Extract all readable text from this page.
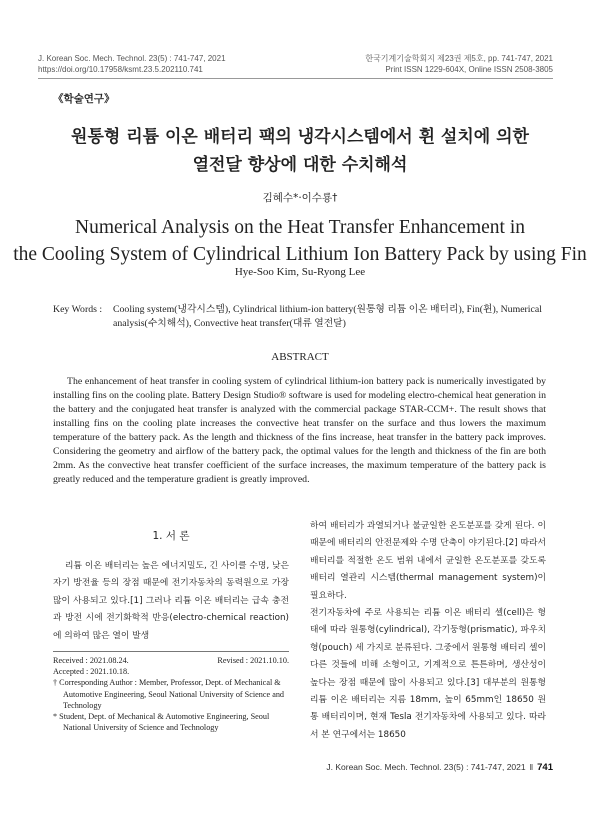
J. Korean Soc. Mech. Technol. 23(5) : 741-747, 2021
https://doi.org/10.17958/ksmt.23.5.202110.741
한국기계기술학회지 제23권 제5호, pp. 741-747, 2021
Print ISSN 1229-604X, Online ISSN 2508-3805
《학술연구》
원통형 리튬 이온 배터리 팩의 냉각시스템에서 휜 설치에 의한
열전달 향상에 대한 수치해석
김혜수*·이수룡†
Numerical Analysis on the Heat Transfer Enhancement in
the Cooling System of Cylindrical Lithium Ion Battery Pack by using Fin
Hye-Soo Kim, Su-Ryong Lee
Key Words : Cooling system(냉각시스템), Cylindrical lithium-ion battery(원통형 리튬 이온 배터리), Fin(휜), Numerical analysis(수치해석), Convective heat transfer(대류 열전달)
ABSTRACT
The enhancement of heat transfer in cooling system of cylindrical lithium-ion battery pack is numerically investigated by installing fins on the cooling plate. Battery Design Studio® software is used for modeling electro-chemical heat generation in the battery and the conjugated heat transfer is analyzed with the commercial package STAR-CCM+. The result shows that installing fins on the cooling plate increases the convective heat transfer on the surface and thus lowers the maximum temperature of the battery pack. As the length and thickness of the fins increase, heat transfer in the battery pack improves. Considering the geometry and airflow of the battery pack, the optimal values for the length and thickness of the fin are both 2mm. As the convective heat transfer coefficient of the surface increases, the maximum temperature of the battery pack is greatly reduced and the temperature gradient is greatly improved.
1. 서 론

리튬 이온 배터리는 높은 에너지밀도, 긴 사이클 수명, 낮은 자기 방전율 등의 장점 때문에 전기자동차의 동력원으로 가장 많이 사용되고 있다.[1] 그러나 리튬 이온 배터리는 급속 충전과 방전 시에 전기화학적 반응(electro-chemical reaction)에 의하여 많은 열이 발생

하여 배터리가 과열되거나 불균일한 온도분포를 갖게 된다. 이 때문에 배터리의 안전문제와 수명 단축이 야기된다.[2] 따라서 배터리를 적절한 온도 범위 내에서 균일한 온도분포를 갖도록 배터리 열관리 시스템(thermal management system)이 필요하다.

전기자동차에 주로 사용되는 리튬 이온 배터리 셀(cell)은 형태에 따라 원통형(cylindrical), 각기둥형(prismatic), 파우치형(pouch) 세 가지로 분류된다. 그중에서 원통형 배터리 셀이 다른 것들에 비해 소형이고, 기계적으로 튼튼하며, 생산성이 높다는 장점 때문에 많이 사용되고 있다.[3] 대부분의 원통형 리튬 이온 배터리는 지름 18mm, 높이 65mm인 18650 원통 배터리이며, 현재 Tesla 전기자동차에 사용되고 있다. 따라서 본 연구에서는 18650

Received : 2021.08.24.	Revised : 2021.10.10.
Accepted : 2021.10.18.
† Corresponding Author : Member, Professor, Dept. of Mechanical & Automotive Engineering, Seoul National University of Science and Technology
* Student, Dept. of Mechanical & Automotive Engineering, Seoul National University of Science and Technology
J. Korean Soc. Mech. Technol. 23(5) : 741-747, 2021 ‖ 741
